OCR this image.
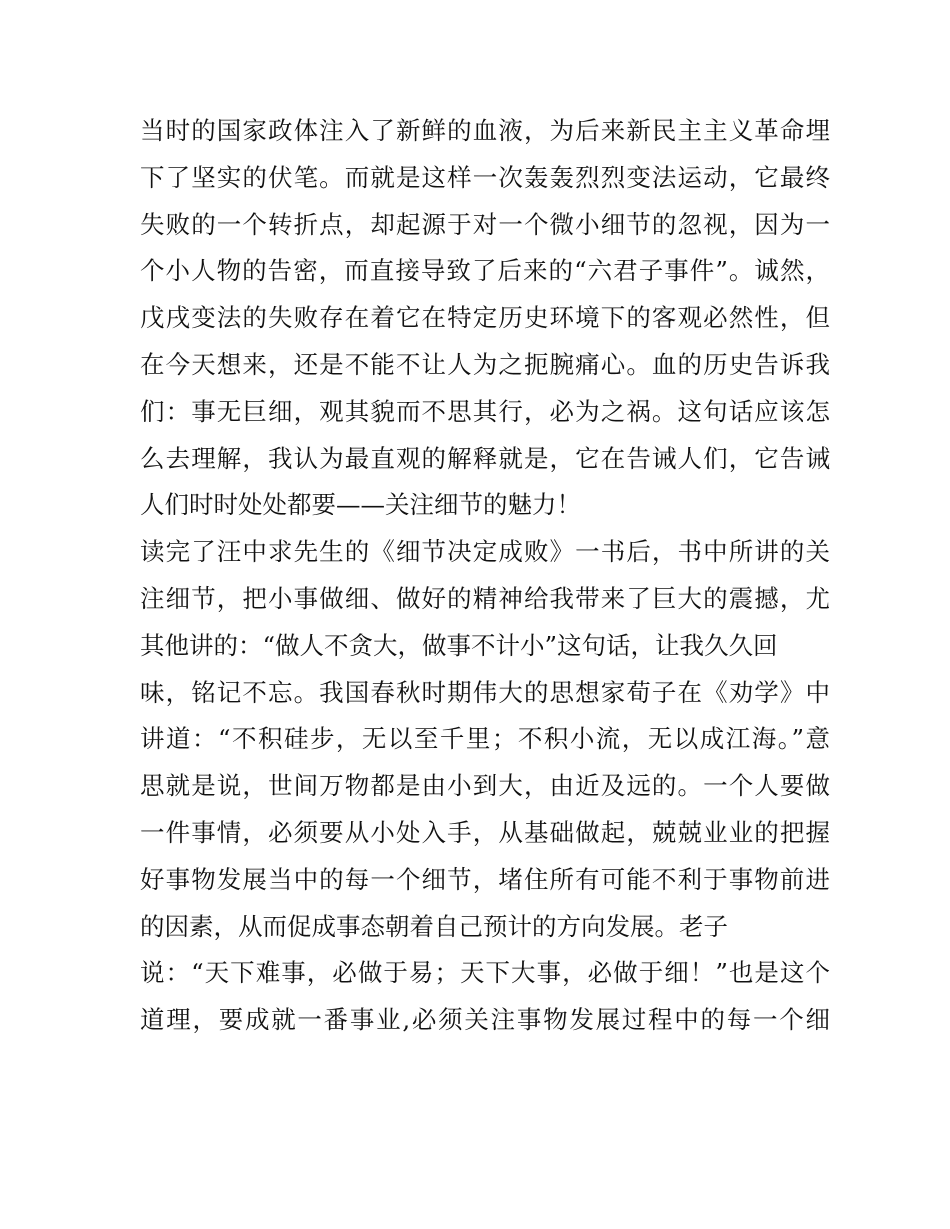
当时的国家政体注入了新鲜的血液，为后来新民主主义革命埋
下了坚实的伏笔。而就是这样一次轰轰烈烈变法运动，它最终
失败的一个转折点，却起源于对一个微小细节的忽视，因为一
个小人物的告密，而直接导致了后来的“六君子事件”。诚然，
戊戌变法的失败存在着它在特定历史环境下的客观必然性，但
在今天想来，还是不能不让人为之扼腕痛心。血的历史告诉我
们：事无巨细，观其貌而不思其行，必为之祸。这句话应该怎
么去理解，我认为最直观的解释就是，它在告诫人们，它告诫
人们时时处处都要——关注细节的魅力！
读完了汪中求先生的《细节决定成败》一书后，书中所讲的关
注细节，把小事做细、做好的精神给我带来了巨大的震撼，尤
其他讲的：“做人不贪大，做事不计小”这句话，让我久久回
味，铭记不忘。我国春秋时期伟大的思想家荀子在《劝学》中
讲道：“不积硅步，无以至千里；不积小流，无以成江海。”意
思就是说，世间万物都是由小到大，由近及远的。一个人要做
一件事情，必须要从小处入手，从基础做起，兢兢业业的把握
好事物发展当中的每一个细节，堵住所有可能不利于事物前进
的因素，从而促成事态朝着自己预计的方向发展。老子
说：“天下难事，必做于易；天下大事，必做于细！”也是这个
道理，要成就一番事业,必须关注事物发展过程中的每一个细
